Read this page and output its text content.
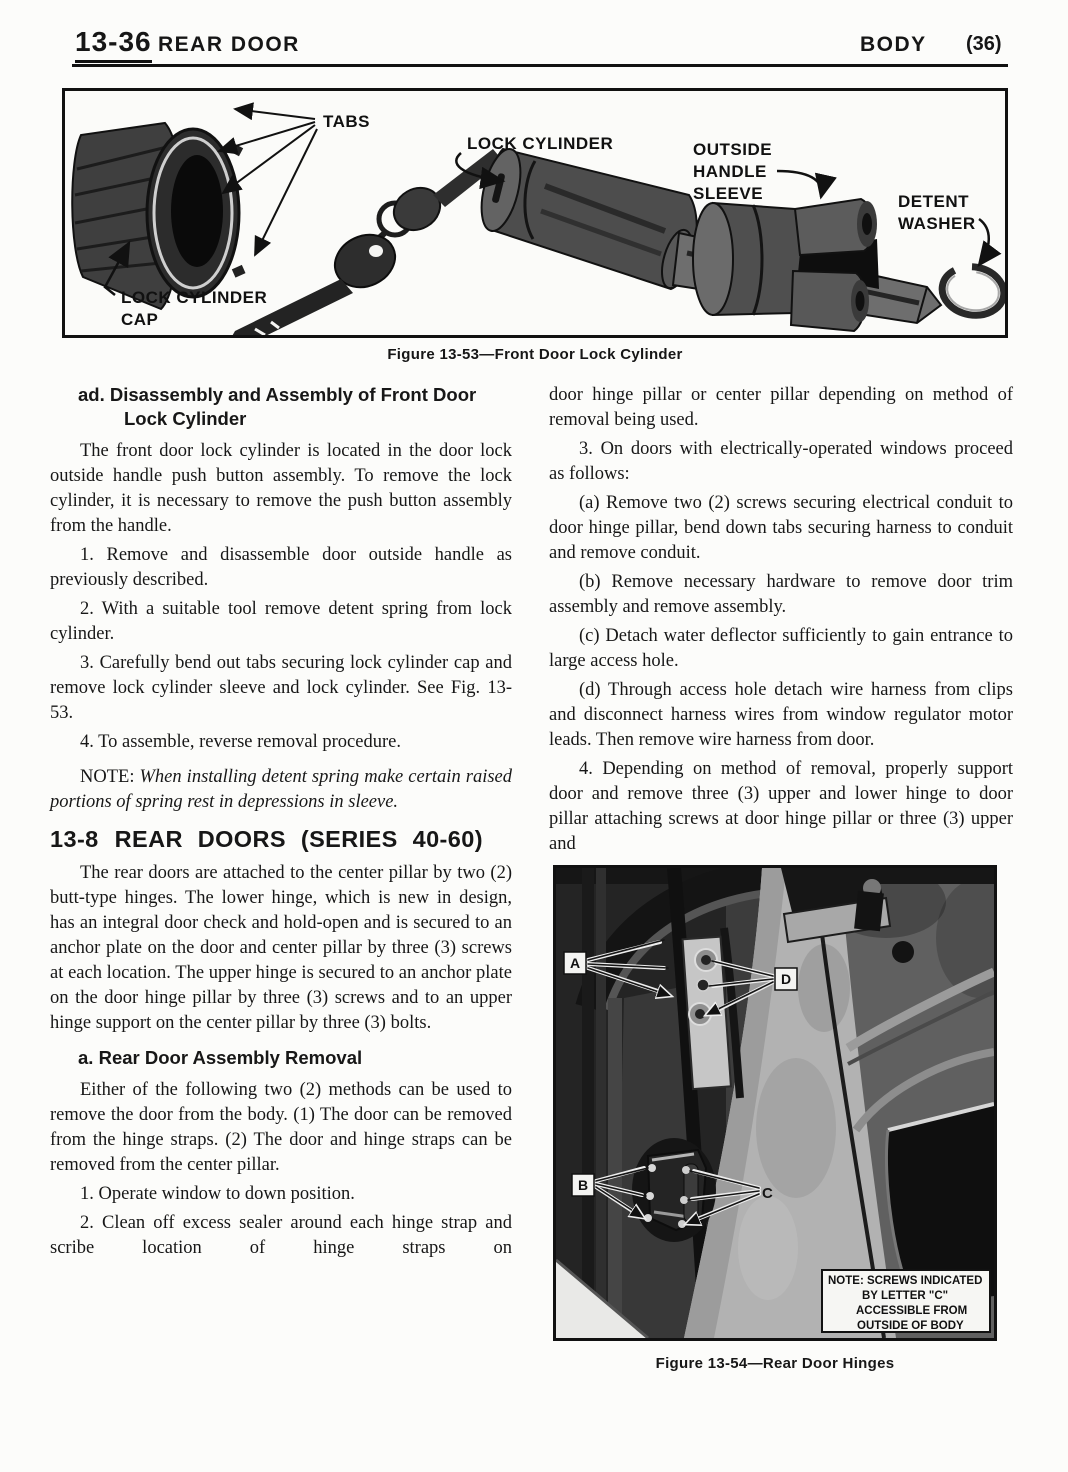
13-36 REAR DOOR	BODY (36)
TABS
LOCK CYLINDER	OUTSIDE
HANDLE
SLEEVE	DETENT
WASHER
LOCK CYLINDER
CAP
Figure 13-53—Front Door Lock Cylinder
ad. Disassembly and Assembly of Front Door Lock Cylinder

The front door lock cylinder is located in the door lock outside handle push button assembly. To remove the lock cylinder, it is necessary to remove the push button assembly from the handle.

1. Remove and disassemble door outside handle as previously described.

2. With a suitable tool remove detent spring from lock cylinder.

3. Carefully bend out tabs securing lock cylinder cap and remove lock cylinder sleeve and lock cylinder. See Fig. 13-53.

4. To assemble, reverse removal procedure.

NOTE: When installing detent spring make certain raised portions of spring rest in depressions in sleeve.

13-8 REAR DOORS (SERIES 40-60)

The rear doors are attached to the center pillar by two (2) butt-type hinges. The lower hinge, which is new in design, has an integral door check and hold-open and is secured to an anchor plate on the door and center pillar by three (3) screws at each location. The upper hinge is secured to an anchor plate on the door hinge pillar by three (3) screws and to an upper hinge support on the center pillar by three (3) bolts.

a. Rear Door Assembly Removal

Either of the following two (2) methods can be used to remove the door from the body. (1) The door can be removed from the hinge straps. (2) The door and hinge straps can be removed from the center pillar.

1. Operate window to down position.

2. Clean off excess sealer around each hinge strap and scribe location of hinge straps on

door hinge pillar or center pillar depending on method of removal being used.

3. On doors with electrically-operated windows proceed as follows:

(a) Remove two (2) screws securing electrical conduit to door hinge pillar, bend down tabs securing harness to conduit and remove conduit.

(b) Remove necessary hardware to remove door trim assembly and remove assembly.

(c) Detach water deflector sufficiently to gain entrance to large access hole.

(d) Through access hole detach wire harness from clips and disconnect harness wires from window regulator motor leads. Then remove wire harness from door.

4. Depending on method of removal, properly support door and remove three (3) upper and lower hinge to door pillar attaching screws at door hinge pillar or three (3) upper and

A
D
B	C
NOTE: SCREWS INDICATED
BY LETTER "C"
ACCESSIBLE FROM
OUTSIDE OF BODY
Figure 13-54—Rear Door Hinges
